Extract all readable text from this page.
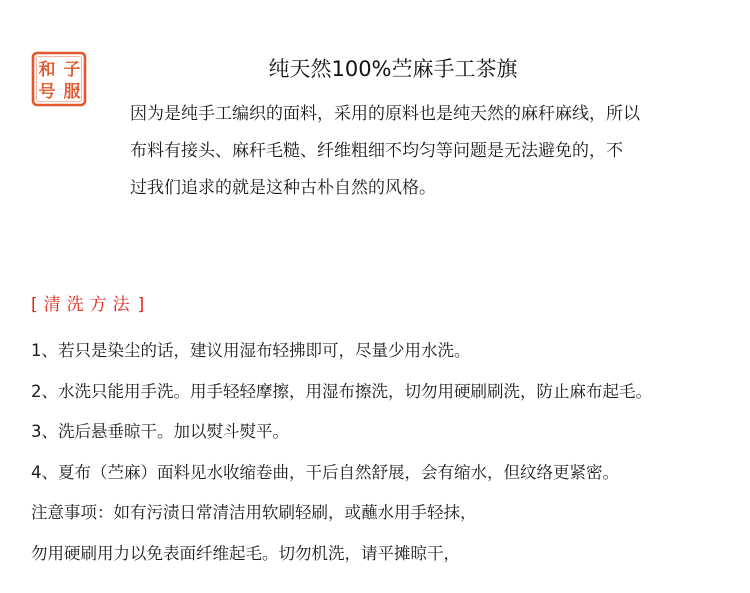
子
和
服
号
纯天然100%苎麻手工茶旗

因为是纯手工编织的面料，采用的原料也是纯天然的麻秆麻线，所以

布料有接头、麻秆毛糙、纤维粗细不均匀等问题是无法避免的，不

过我们追求的就是这种古朴自然的风格。

[ 清洗方法 ]

1、若只是染尘的话，建议用湿布轻拂即可，尽量少用水洗。

2、水洗只能用手洗。用手轻轻摩擦，用湿布擦洗，切勿用硬刷刷洗，防止麻布起毛。

3、洗后悬垂晾干。加以熨斗熨平。

4、夏布（苎麻）面料见水收缩卷曲，干后自然舒展，会有缩水，但纹络更紧密。

注意事项：如有污渍日常清洁用软刷轻刷，或蘸水用手轻抹，

勿用硬刷用力以免表面纤维起毛。切勿机洗，请平摊晾干，
